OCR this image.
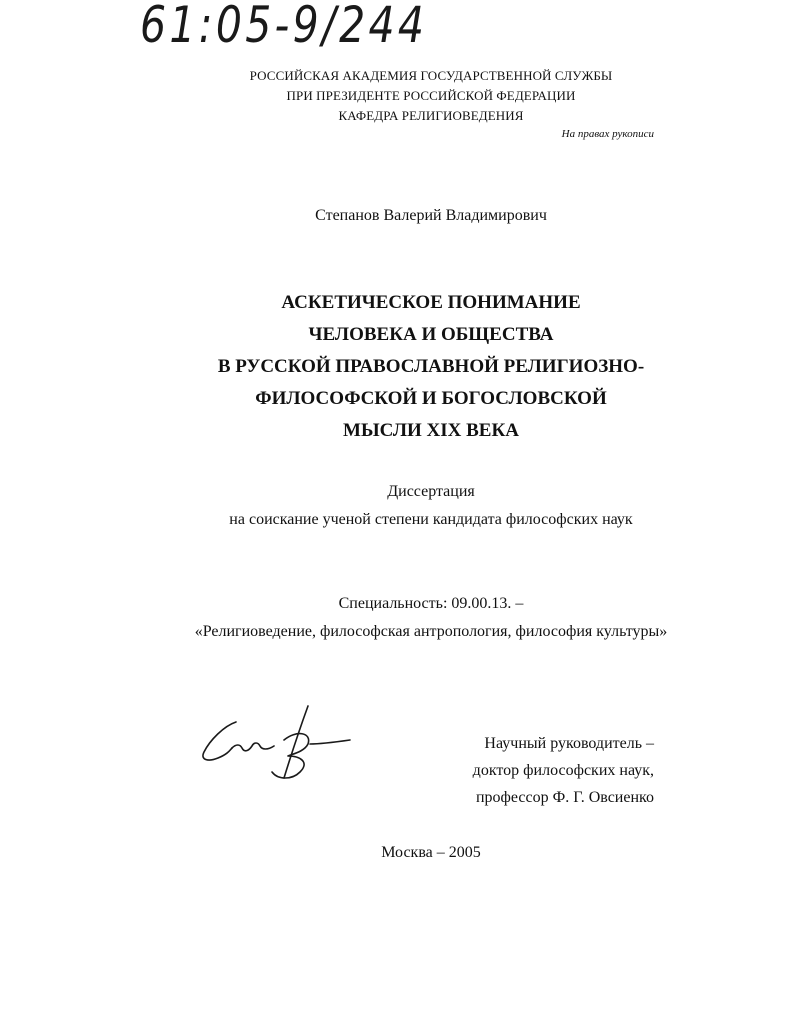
61:05-9/244
РОССИЙСКАЯ АКАДЕМИЯ ГОСУДАРСТВЕННОЙ СЛУЖБЫ
ПРИ ПРЕЗИДЕНТЕ РОССИЙСКОЙ ФЕДЕРАЦИИ
КАФЕДРА РЕЛИГИОВЕДЕНИЯ
На правах рукописи
Степанов Валерий Владимирович
АСКЕТИЧЕСКОЕ ПОНИМАНИЕ
ЧЕЛОВЕКА И ОБЩЕСТВА
В РУССКОЙ ПРАВОСЛАВНОЙ РЕЛИГИОЗНО-
ФИЛОСОФСКОЙ И БОГОСЛОВСКОЙ
МЫСЛИ XIX ВЕКА
Диссертация
на соискание ученой степени кандидата философских наук
Специальность: 09.00.13. –
«Религиоведение, философская антропология, философия культуры»
Научный руководитель –
доктор философских наук,
профессор Ф. Г. Овсиенко
Москва – 2005
